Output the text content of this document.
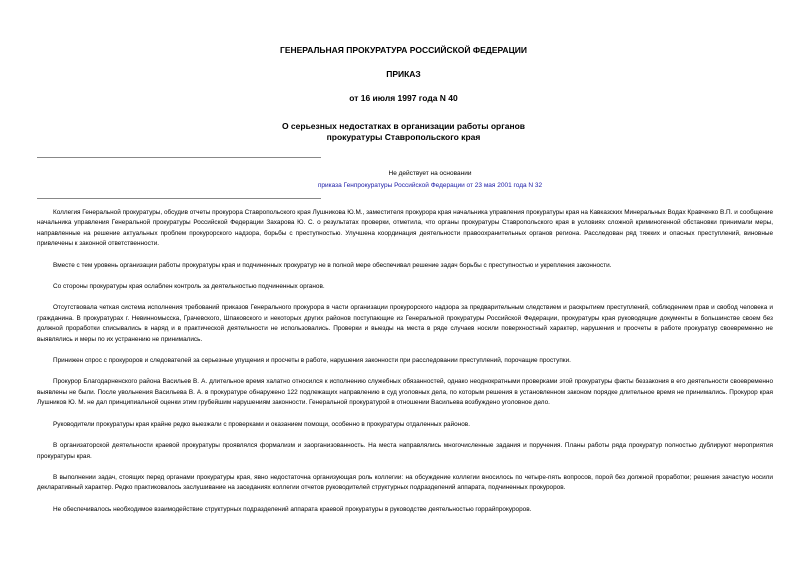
ГЕНЕРАЛЬНАЯ ПРОКУРАТУРА РОССИЙСКОЙ ФЕДЕРАЦИИ
ПРИКАЗ
от 16 июля 1997 года N 40
О серьезных недостатках в организации работы органов
прокуратуры Ставропольского края
Не действует на основании
приказа Генпрокуратуры Российской Федерации от 23 мая 2001 года N 32

Коллегия Генеральной прокуратуры, обсудив отчеты прокурора Ставропольского края Лушникова Ю.М., заместителя прокурора края начальника управления прокуратуры края на Кавказских Минеральных Водах Кравченко В.П. и сообщение начальника управления Генеральной прокуратуры Российской Федерации Захарова Ю. С. о результатах проверки, отметила, что органы прокуратуры Ставропольского края в условиях сложной криминогенной обстановки принимали меры, направленные на решение актуальных проблем прокурорского надзора, борьбы с преступностью. Улучшена координация деятельности правоохранительных органов региона. Расследован ряд тяжких и опасных преступлений, виновные привлечены к законной ответственности.

Вместе с тем уровень организации работы прокуратуры края и подчиненных прокуратур не в полной мере обеспечивал решение задач борьбы с преступностью и укрепления законности.

Со стороны прокуратуры края ослаблен контроль за деятельностью подчиненных органов.

Отсутствовала четкая система исполнения требований приказов Генерального прокурора в части организации прокурорского надзора за предварительным следствием и раскрытием преступлений, соблюдением прав и свобод человека и гражданина. В прокуратурах г. Невинномысска, Грачевского, Шпаковского и некоторых других районов поступающие из Генеральной прокуратуры Российской Федерации, прокуратуры края руководящие документы в большинстве своем без должной проработки списывались в наряд и в практической деятельности не использовались. Проверки и выезды на места в ряде случаев носили поверхностный характер, нарушения и просчеты в работе прокуратур своевременно не выявлялись и меры по их устранению не принимались.

Принижен спрос с прокуроров и следователей за серьезные упущения и просчеты в работе, нарушения законности при расследовании преступлений, порочащие проступки.

Прокурор Благодарненского района Васильев В. А. длительное время халатно относился к исполнению служебных обязанностей, однако неоднократными проверками этой прокуратуры факты беззакония в его деятельности своевременно выявлены не были. После увольнения Васильева В. А. в прокуратуре обнаружено 122 подлежащих направлению в суд уголовных дела, по которым решения в установленном законом порядке длительное время не принимались. Прокурор края Лушников Ю. М. не дал принципиальной оценки этим грубейшим нарушениям законности. Генеральной прокуратурой в отношении Васильева возбуждено уголовное дело.

Руководители прокуратуры края крайне редко выезжали с проверками и оказанием помощи, особенно в прокуратуры отдаленных районов.

В организаторской деятельности краевой прокуратуры проявлялся формализм и заорганизованность. На места направлялись многочисленные задания и поручения. Планы работы ряда прокуратур полностью дублируют мероприятия прокуратуры края.

В выполнении задач, стоящих перед органами прокуратуры края, явно недостаточна организующая роль коллегии: на обсуждение коллегии вносилось по четыре-пять вопросов, порой без должной проработки; решения зачастую носили декларативный характер. Редко практиковалось заслушивание на заседаниях коллегии отчетов руководителей структурных подразделений аппарата, подчиненных прокуроров.

Не обеспечивалось необходимое взаимодействие структурных подразделений аппарата краевой прокуратуры в руководстве деятельностью горрайпрокуроров.
